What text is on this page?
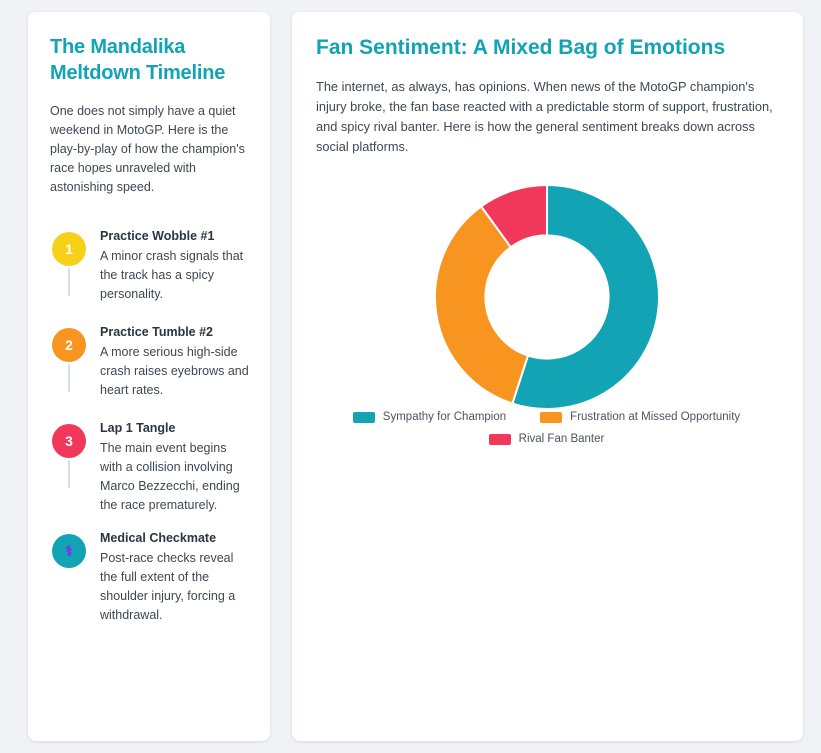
The Mandalika Meltdown Timeline

One does not simply have a quiet weekend in MotoGP. Here is the play-by-play of how the champion's race hopes unraveled with astonishing speed.

1

Practice Wobble #1

A minor crash signals that the track has a spicy personality.

2

Practice Tumble #2

A more serious high-side crash raises eyebrows and heart rates.

3

Lap 1 Tangle

The main event begins with a collision involving Marco Bezzecchi, ending the race prematurely.

⚕

Medical Checkmate

Post-race checks reveal the full extent of the shoulder injury, forcing a withdrawal.

Fan Sentiment: A Mixed Bag of Emotions

The internet, as always, has opinions. When news of the MotoGP champion's injury broke, the fan base reacted with a predictable storm of support, frustration, and spicy rival banter. Here is how the general sentiment breaks down across social platforms.

Sympathy for Champion	Frustration at Missed Opportunity
Rival Fan Banter
